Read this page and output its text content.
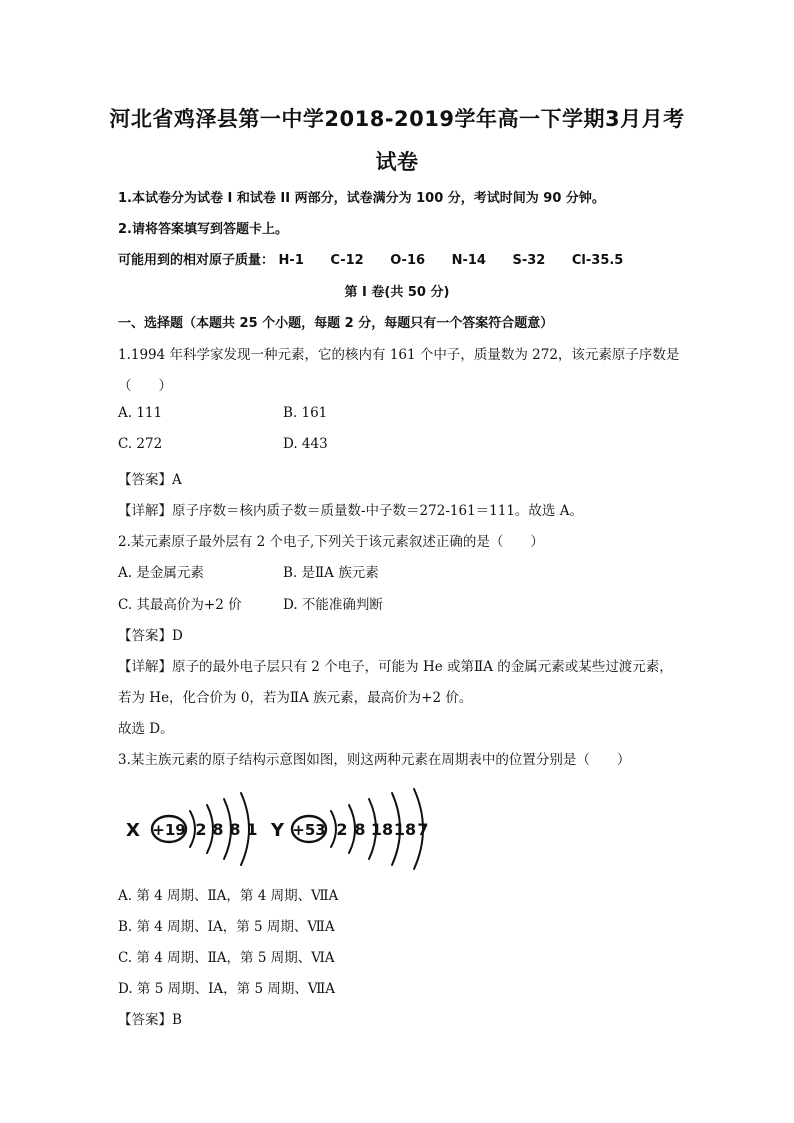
河北省鸡泽县第一中学2018-2019学年高一下学期3月月考
试卷
1.本试卷分为试卷 I 和试卷 II 两部分，试卷满分为 100 分，考试时间为 90 分钟。
2.请将答案填写到答题卡上。
可能用到的相对原子质量： H-1 C-12 O-16 N-14 S-32 Cl-35.5
第 I 卷(共 50 分)
一、选择题（本题共 25 个小题，每题 2 分，每题只有一个答案符合题意）
1.1994 年科学家发现一种元素，它的核内有 161 个中子，质量数为 272，该元素原子序数是
（　　）
A. 111	B. 161
C. 272	D. 443
【答案】A
【详解】原子序数＝核内质子数＝质量数-中子数＝272-161＝111。故选 A。
2.某元素原子最外层有 2 个电子,下列关于该元素叙述正确的是（　　）
A. 是金属元素	B. 是ⅡA 族元素
C. 其最高价为+2 价	D. 不能准确判断
【答案】D
【详解】原子的最外电子层只有 2 个电子，可能为 He 或第ⅡA 的金属元素或某些过渡元素，
若为 He，化合价为 0，若为ⅡA 族元素，最高价为+2 价。
故选 D。
3.某主族元素的原子结构示意图如图，则这两种元素在周期表中的位置分别是（　　）
X +19 2 8 8 1 Y +53 2 8 18 18 7
A. 第 4 周期、ⅡA，第 4 周期、ⅦA
B. 第 4 周期、ⅠA，第 5 周期、ⅦA
C. 第 4 周期、ⅡA，第 5 周期、ⅥA
D. 第 5 周期、ⅠA，第 5 周期、ⅦA
【答案】B
